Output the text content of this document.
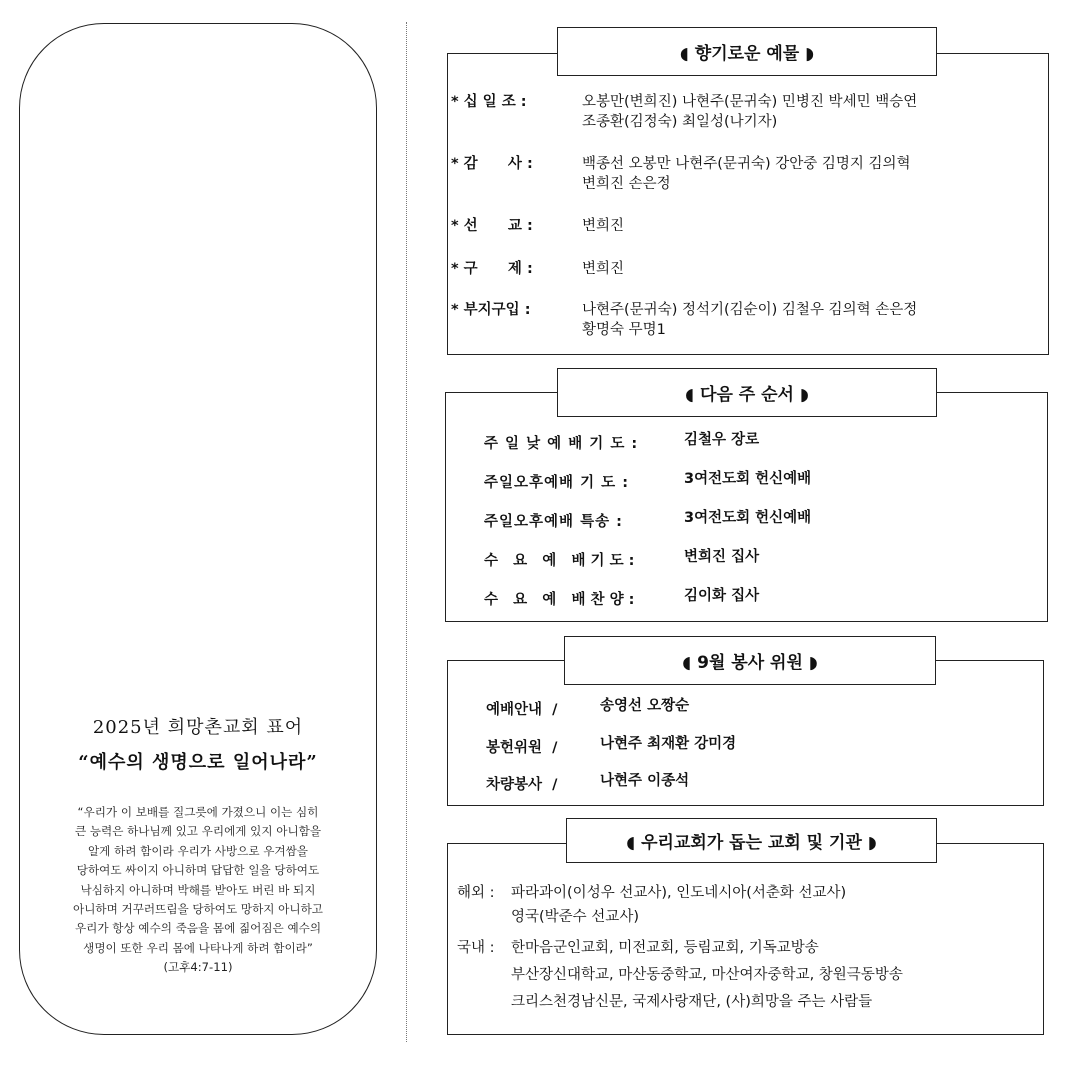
2025년 희망촌교회 표어
“예수의 생명으로 일어나라”
“우리가 이 보배를 질그릇에 가졌으니 이는 심히
큰 능력은 하나님께 있고 우리에게 있지 아니함을
알게 하려 함이라 우리가 사방으로 우겨쌈을
당하여도 싸이지 아니하며 답답한 일을 당하여도
낙심하지 아니하며 박해를 받아도 버린 바 되지
아니하며 거꾸러뜨림을 당하여도 망하지 아니하고
우리가 항상 예수의 죽음을 몸에 짊어짐은 예수의
생명이 또한 우리 몸에 나타나게 하려 함이라”
(고후4:7-11)
◖ 향기로운 예물 ◗
* 십 일 조 :	오봉만(변희진) 나현주(문귀숙) 민병진 박세민 백승연
조종환(김정숙) 최일성(나기자)
* 감      사 :	백종선 오봉만 나현주(문귀숙) 강안중 김명지 김의혁
변희진 손은정
* 선      교 :	변희진
* 구      제 :	변희진
* 부지구입 :	나현주(문귀숙) 정석기(김순이) 김철우 김의혁 손은정
황명숙 무명1
◖ 다음 주 순서 ◗
주 일 낮 예 배 기 도 :	김철우 장로
주일오후예배 기 도 :	3여전도회 헌신예배
주일오후예배 특송 :	3여전도회 헌신예배
수   요   예   배 기 도 :	변희진 집사
수   요   예   배 찬 양 :	김이화 집사
◖ 9월 봉사 위원 ◗
예배안내  /	송영선 오짱순
봉헌위원  /	나현주 최재환 강미경
차량봉사  /	나현주 이종석
◖ 우리교회가 돕는 교회 및 기관 ◗
해외 : 파라과이(이성우 선교사), 인도네시아(서춘화 선교사)
영국(박준수 선교사)
국내 : 한마음군인교회, 미전교회, 등림교회, 기독교방송
부산장신대학교, 마산동중학교, 마산여자중학교, 창원극동방송
크리스천경남신문, 국제사랑재단, (사)희망을 주는 사람들
